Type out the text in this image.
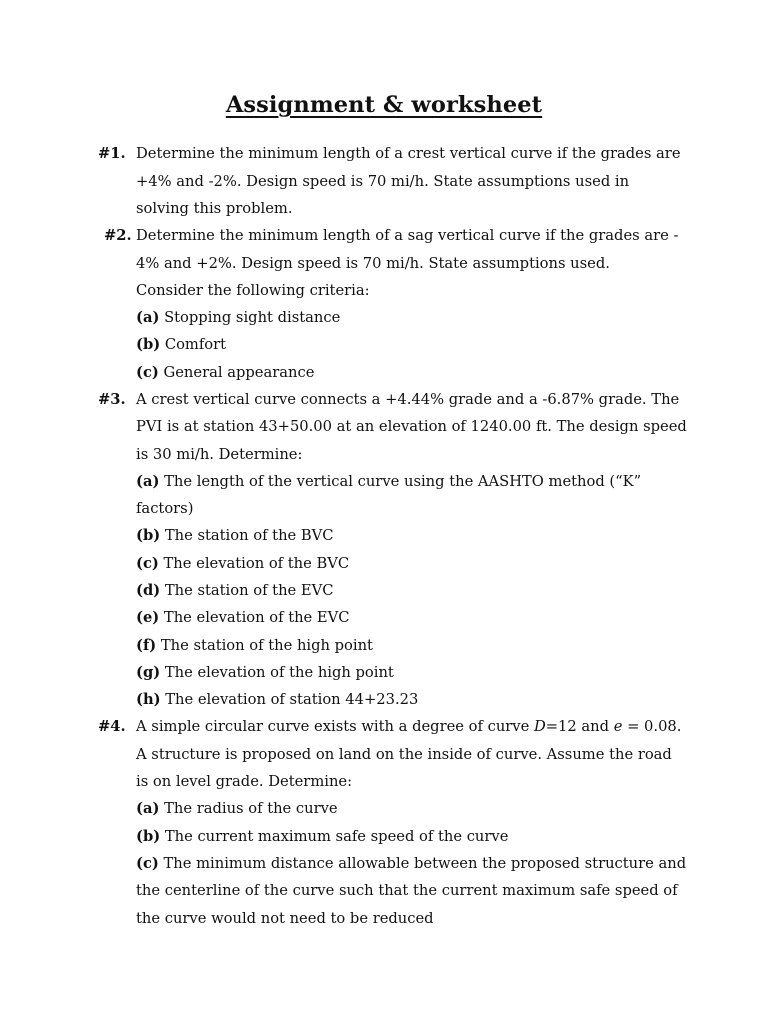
Assignment & worksheet
#1. Determine the minimum length of a crest vertical curve if the grades are
+4% and -2%. Design speed is 70 mi/h. State assumptions used in
solving this problem.
#2. Determine the minimum length of a sag vertical curve if the grades are -
4% and +2%. Design speed is 70 mi/h. State assumptions used.
Consider the following criteria:
(a) Stopping sight distance
(b) Comfort
(c) General appearance
#3. A crest vertical curve connects a +4.44% grade and a -6.87% grade. The
PVI is at station 43+50.00 at an elevation of 1240.00 ft. The design speed
is 30 mi/h. Determine:
(a) The length of the vertical curve using the AASHTO method (“K”
factors)
(b) The station of the BVC
(c) The elevation of the BVC
(d) The station of the EVC
(e) The elevation of the EVC
(f) The station of the high point
(g) The elevation of the high point
(h) The elevation of station 44+23.23
#4. A simple circular curve exists with a degree of curve D=12 and e = 0.08.
A structure is proposed on land on the inside of curve. Assume the road
is on level grade. Determine:
(a) The radius of the curve
(b) The current maximum safe speed of the curve
(c) The minimum distance allowable between the proposed structure and
the centerline of the curve such that the current maximum safe speed of
the curve would not need to be reduced
